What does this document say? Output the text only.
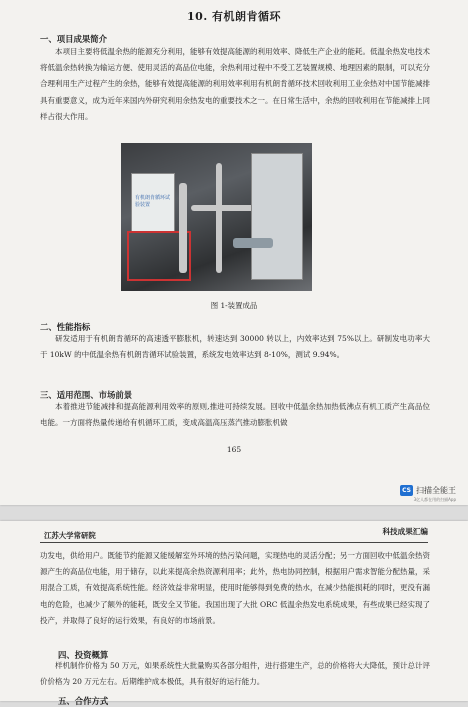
10. 有机朗肯循环
一、项目成果简介
本项目主要将低温余热的能源充分利用，能够有效提高能源的利用效率、降低生产企业的能耗。低温余热发电技术将低温余热转换为输运方便、使用灵活的高品位电能，余热利用过程中不受工艺装置规模、地理因素的限制，可以充分合理利用生产过程产生的余热，能够有效提高能源的利用效率利用有机朗肯循环技术回收利用工业余热对中国节能减排具有重要意义，成为近年来国内外研究利用余热发电的重要技术之一。在日常生活中，余热的回收利用在节能减排上同样占很大作用。
有机朗肯循环试验装置
图 1-装置成品
二、性能指标
研发适用于有机朗肯循环的高速透平膨胀机，转速达到 30000 转以上，内效率达到 75%以上。研制发电功率大于 10kW 的中低温余热有机朗肯循环试验装置，系统发电效率达到 8-10%，测试 9.94%。
三、适用范围、市场前景
本着推进节能减排和提高能源利用效率的原则,推进可持续发展。回收中低温余热加热低沸点有机工质产生高品位电能。一方面将热量传递给有机循环工质，变成高温高压蒸汽推动膨胀机做
165
CS 扫描全能王
3亿人都在用的扫描App
江苏大学常研院	科技成果汇编
功发电，供给用户。既能节约能源又能缓解室外环境的热污染问题，实现热电的灵活分配；另一方面回收中低温余热资源产生的高品位电能，用于储存，以此来提高余热资源利用率；此外，热电协同控制，根据用户需求智能分配热量，采用混合工质，有效提高系统性能。经济效益非常明显，使用时能够得到免费的热水，在减少热能损耗的同时，更没有漏电的危险，也减少了额外的能耗，既安全又节能。我国出现了大批 ORC 低温余热发电系统成果，有些成果已经实现了投产，并取得了良好的运行效果，有良好的市场前景。
四、投资概算
样机制作价格为 50 万元，如果系统性大批量购买各部分组件，进行搭建生产，总的价格将大大降低，预计总计评价价格为 20 万元左右。后期维护成本极低，具有很好的运行能力。
五、合作方式
